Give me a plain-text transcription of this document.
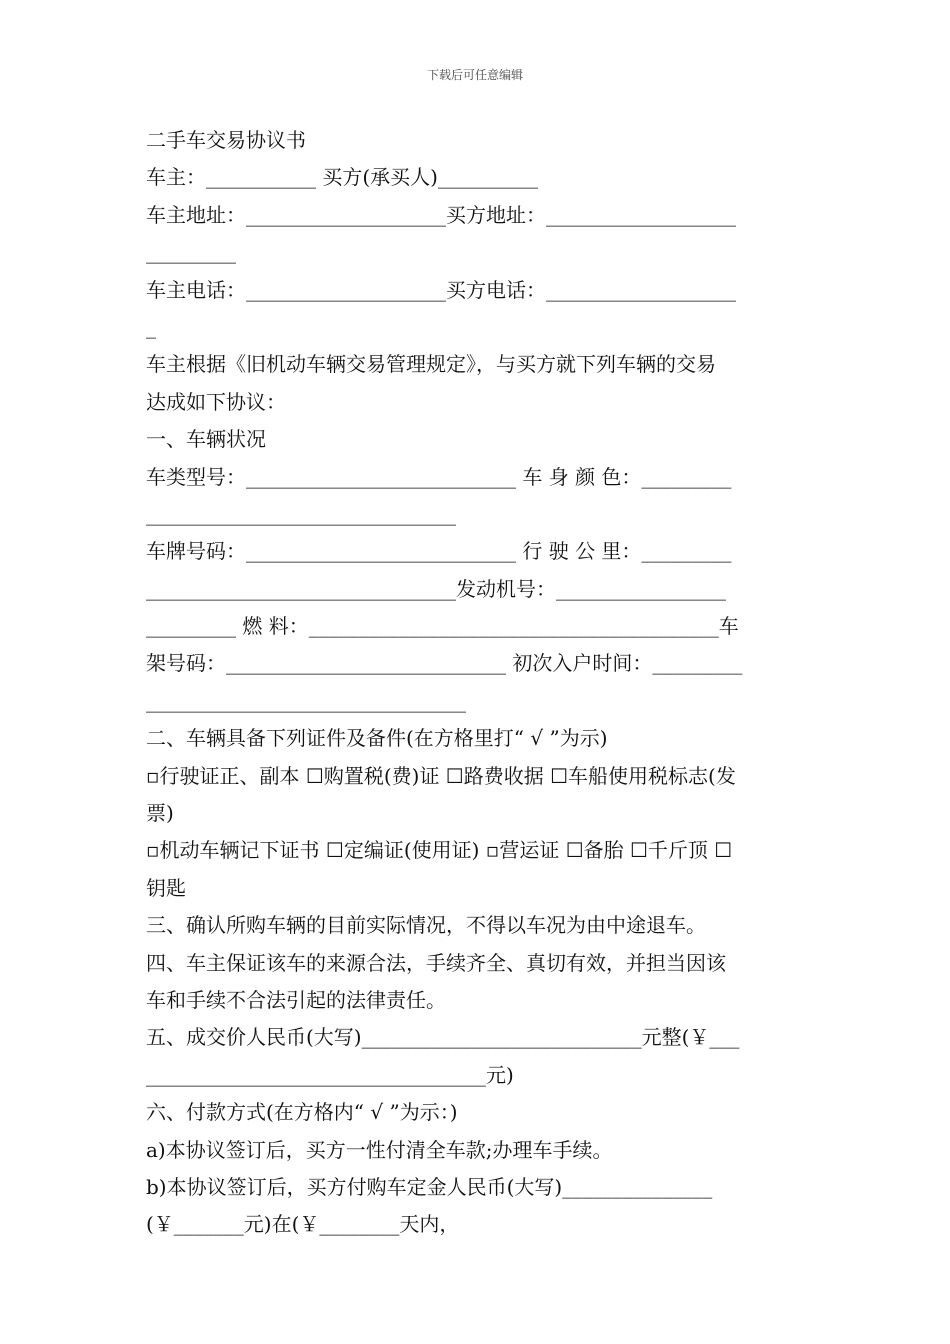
下载后可任意编辑
二手车交易协议书
车主：___________ 买方(承买人)__________
车主地址：____________________买方地址：___________________
_________
车主电话：____________________买方电话：___________________
_
车主根据《旧机动车辆交易管理规定》，与买方就下列车辆的交易
达成如下协议：
一、车辆状况
车类型号：___________________________ 车 身 颜 色：_________
_______________________________
车牌号码：___________________________ 行 驶 公 里：_________
_______________________________发动机号：_________________
_________ 燃 料：_________________________________________车
架号码：____________________________ 初次入户时间：_________
________________________________
二、车辆具备下列证件及备件(在方格里打“ √ ”为示)
▫行驶证正、副本 ☐购置税(费)证 ☐路费收据 ☐车船使用税标志(发
票)
▫机动车辆记下证书 ☐定编证(使用证) ▫营运证 ☐备胎 ☐千斤顶 ☐
钥匙
三、确认所购车辆的目前实际情况，不得以车况为由中途退车。
四、车主保证该车的来源合法，手续齐全、真切有效，并担当因该
车和手续不合法引起的法律责任。
五、成交价人民币(大写)____________________________元整(￥___
__________________________________元)
六、付款方式(在方格内“ √ ”为示：)
a)本协议签订后，买方一性付清全车款;办理车手续。
b)本协议签订后，买方付购车定金人民币(大写)_______________
(￥_______元)在(￥________天内，
